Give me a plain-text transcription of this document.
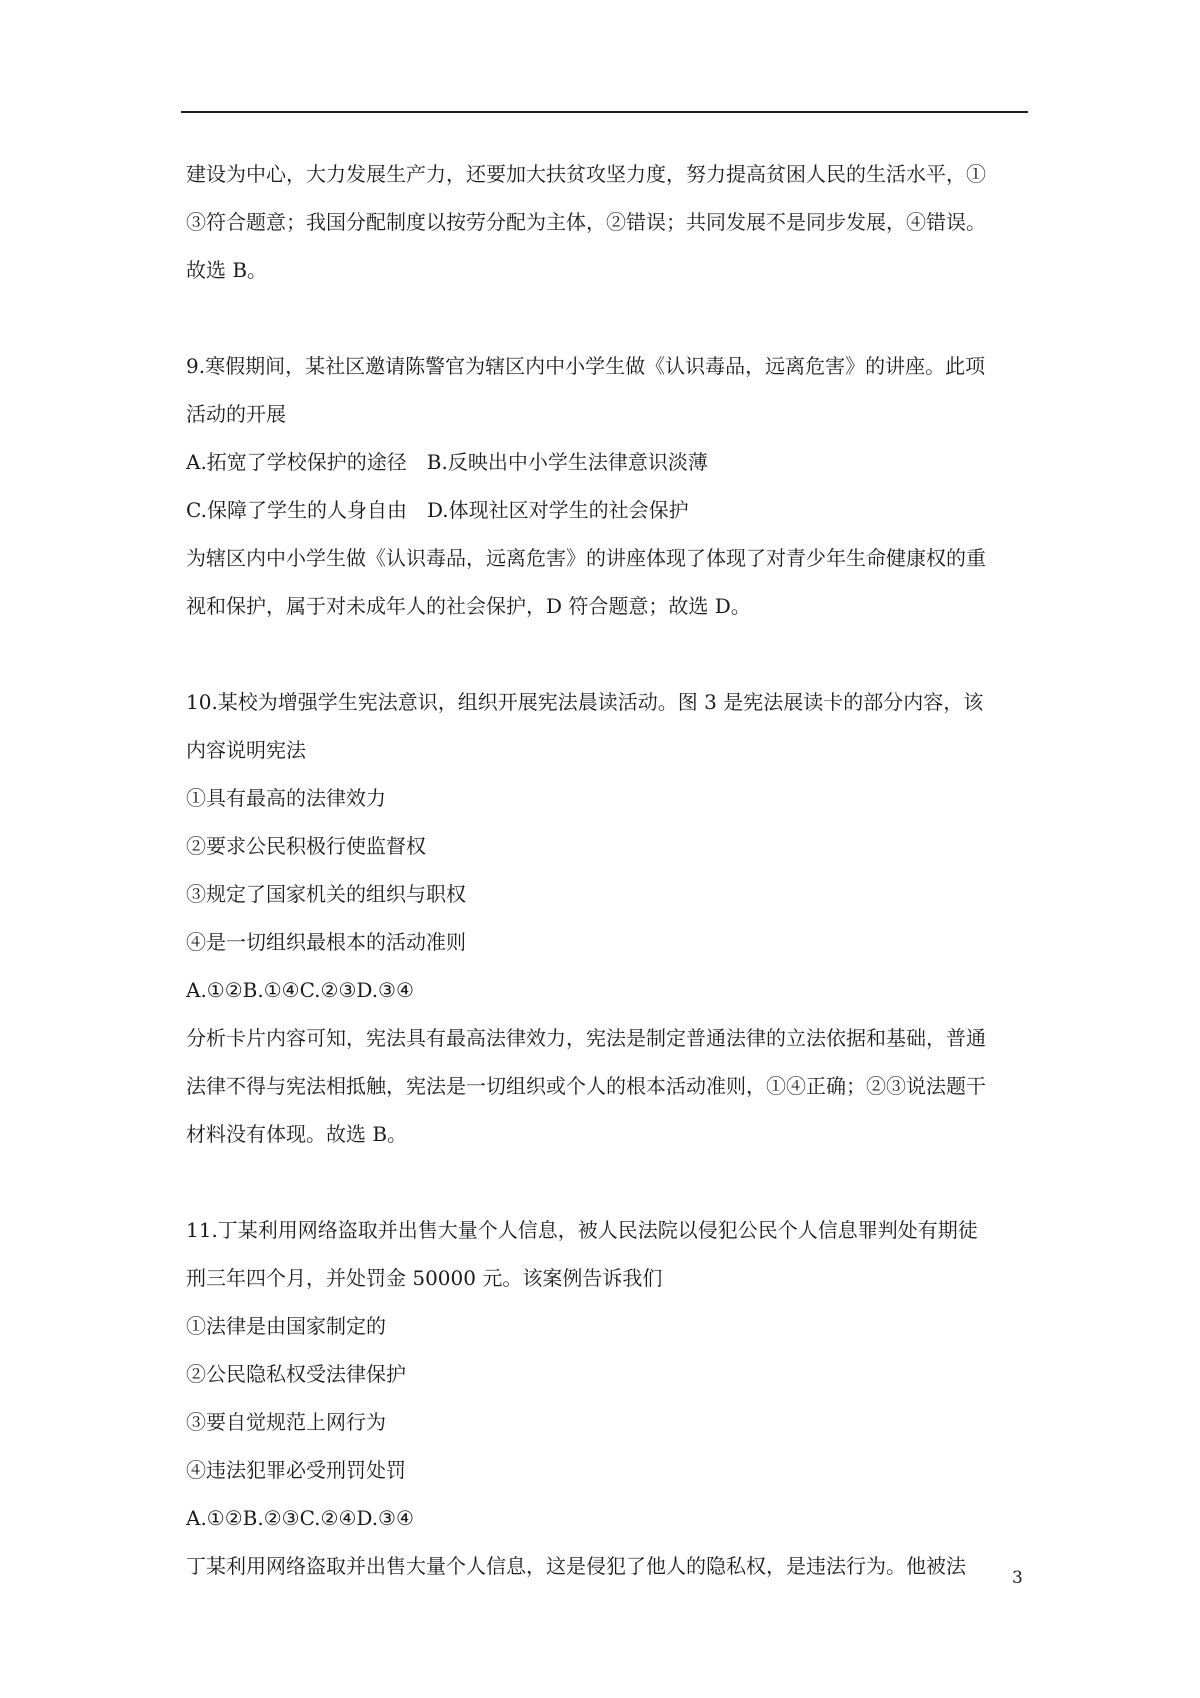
建设为中心，大力发展生产力，还要加大扶贫攻坚力度，努力提高贫困人民的生活水平，①
③符合题意；我国分配制度以按劳分配为主体，②错误；共同发展不是同步发展，④错误。
故选 B。
9.寒假期间，某社区邀请陈警官为辖区内中小学生做《认识毒品，远离危害》的讲座。此项
活动的开展
A.拓宽了学校保护的途径　B.反映出中小学生法律意识淡薄
C.保障了学生的人身自由　D.体现社区对学生的社会保护
为辖区内中小学生做《认识毒品，远离危害》的讲座体现了体现了对青少年生命健康权的重
视和保护，属于对未成年人的社会保护，D 符合题意；故选 D。
10.某校为增强学生宪法意识，组织开展宪法晨读活动。图 3 是宪法展读卡的部分内容，该
内容说明宪法
①具有最高的法律效力
②要求公民积极行使监督权
③规定了国家机关的组织与职权
④是一切组织最根本的活动准则
A.①②B.①④C.②③D.③④
分析卡片内容可知，宪法具有最高法律效力，宪法是制定普通法律的立法依据和基础，普通
法律不得与宪法相抵触，宪法是一切组织或个人的根本活动准则，①④正确；②③说法题干
材料没有体现。故选 B。
11.丁某利用网络盗取并出售大量个人信息，被人民法院以侵犯公民个人信息罪判处有期徒
刑三年四个月，并处罚金 50000 元。该案例告诉我们
①法律是由国家制定的
②公民隐私权受法律保护
③要自觉规范上网行为
④违法犯罪必受刑罚处罚
A.①②B.②③C.②④D.③④
丁某利用网络盗取并出售大量个人信息，这是侵犯了他人的隐私权，是违法行为。他被法	3
